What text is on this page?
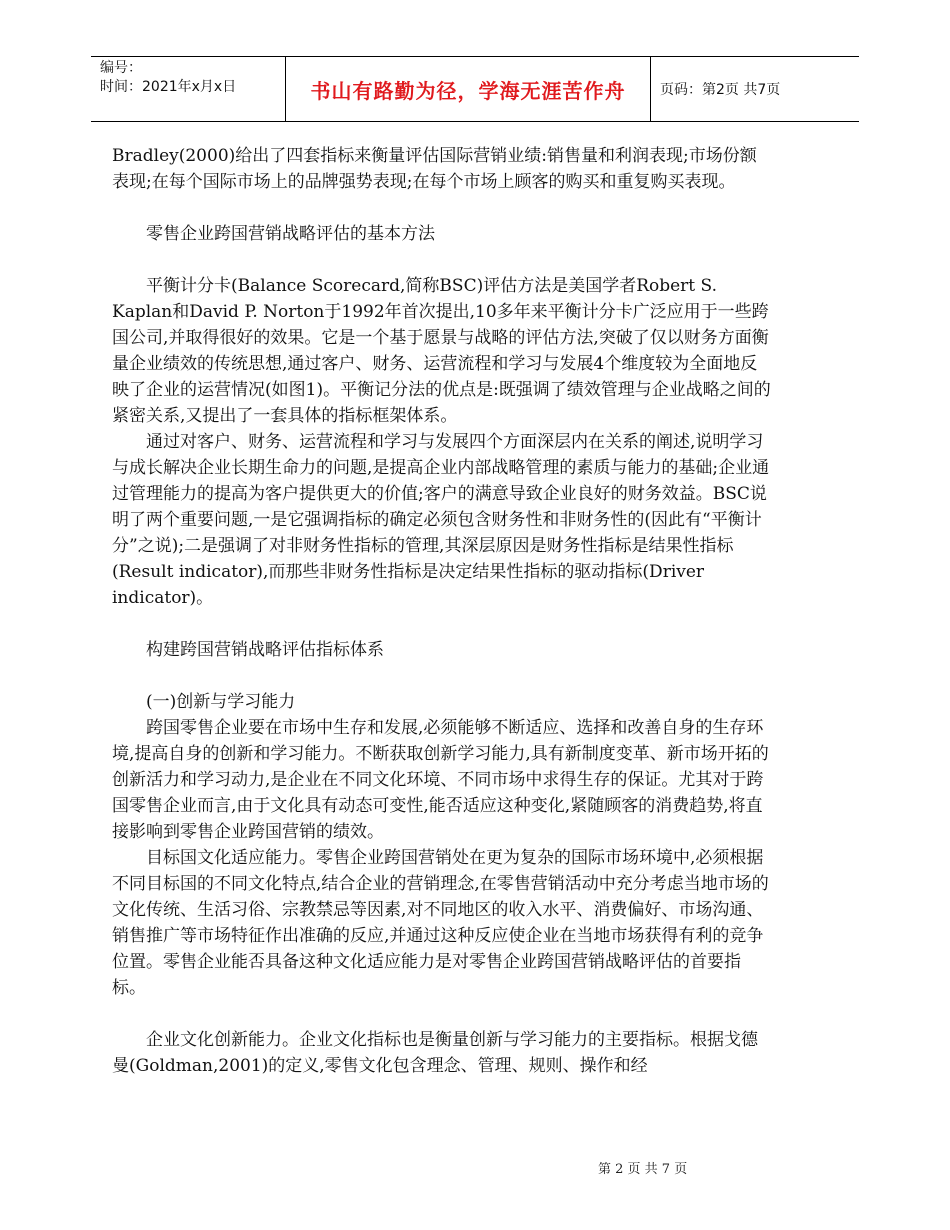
编号：
时间：2021年x月x日	书山有路勤为径，学海无涯苦作舟 页码：第2页 共7页

Bradley(2000)给出了四套指标来衡量评估国际营销业绩:销售量和利润表现;市场份额表现;在每个国际市场上的品牌强势表现;在每个市场上顾客的购买和重复购买表现。

零售企业跨国营销战略评估的基本方法

平衡计分卡(Balance Scorecard,简称BSC)评估方法是美国学者Robert S. Kaplan和David P. Norton于1992年首次提出,10多年来平衡计分卡广泛应用于一些跨国公司,并取得很好的效果。它是一个基于愿景与战略的评估方法,突破了仅以财务方面衡量企业绩效的传统思想,通过客户、财务、运营流程和学习与发展4个维度较为全面地反映了企业的运营情况(如图1)。平衡记分法的优点是:既强调了绩效管理与企业战略之间的紧密关系,又提出了一套具体的指标框架体系。

通过对客户、财务、运营流程和学习与发展四个方面深层内在关系的阐述,说明学习与成长解决企业长期生命力的问题,是提高企业内部战略管理的素质与能力的基础;企业通过管理能力的提高为客户提供更大的价值;客户的满意导致企业良好的财务效益。BSC说明了两个重要问题,一是它强调指标的确定必须包含财务性和非财务性的(因此有“平衡计分”之说);二是强调了对非财务性指标的管理,其深层原因是财务性指标是结果性指标(Result indicator),而那些非财务性指标是决定结果性指标的驱动指标(Driver indicator)。

构建跨国营销战略评估指标体系

(一)创新与学习能力

跨国零售企业要在市场中生存和发展,必须能够不断适应、选择和改善自身的生存环境,提高自身的创新和学习能力。不断获取创新学习能力,具有新制度变革、新市场开拓的创新活力和学习动力,是企业在不同文化环境、不同市场中求得生存的保证。尤其对于跨国零售企业而言,由于文化具有动态可变性,能否适应这种变化,紧随顾客的消费趋势,将直接影响到零售企业跨国营销的绩效。

目标国文化适应能力。零售企业跨国营销处在更为复杂的国际市场环境中,必须根据不同目标国的不同文化特点,结合企业的营销理念,在零售营销活动中充分考虑当地市场的文化传统、生活习俗、宗教禁忌等因素,对不同地区的收入水平、消费偏好、市场沟通、销售推广等市场特征作出准确的反应,并通过这种反应使企业在当地市场获得有利的竞争位置。零售企业能否具备这种文化适应能力是对零售企业跨国营销战略评估的首要指标。

企业文化创新能力。企业文化指标也是衡量创新与学习能力的主要指标。根据戈德曼(Goldman,2001)的定义,零售文化包含理念、管理、规则、操作和经

第 2 页 共 7 页
